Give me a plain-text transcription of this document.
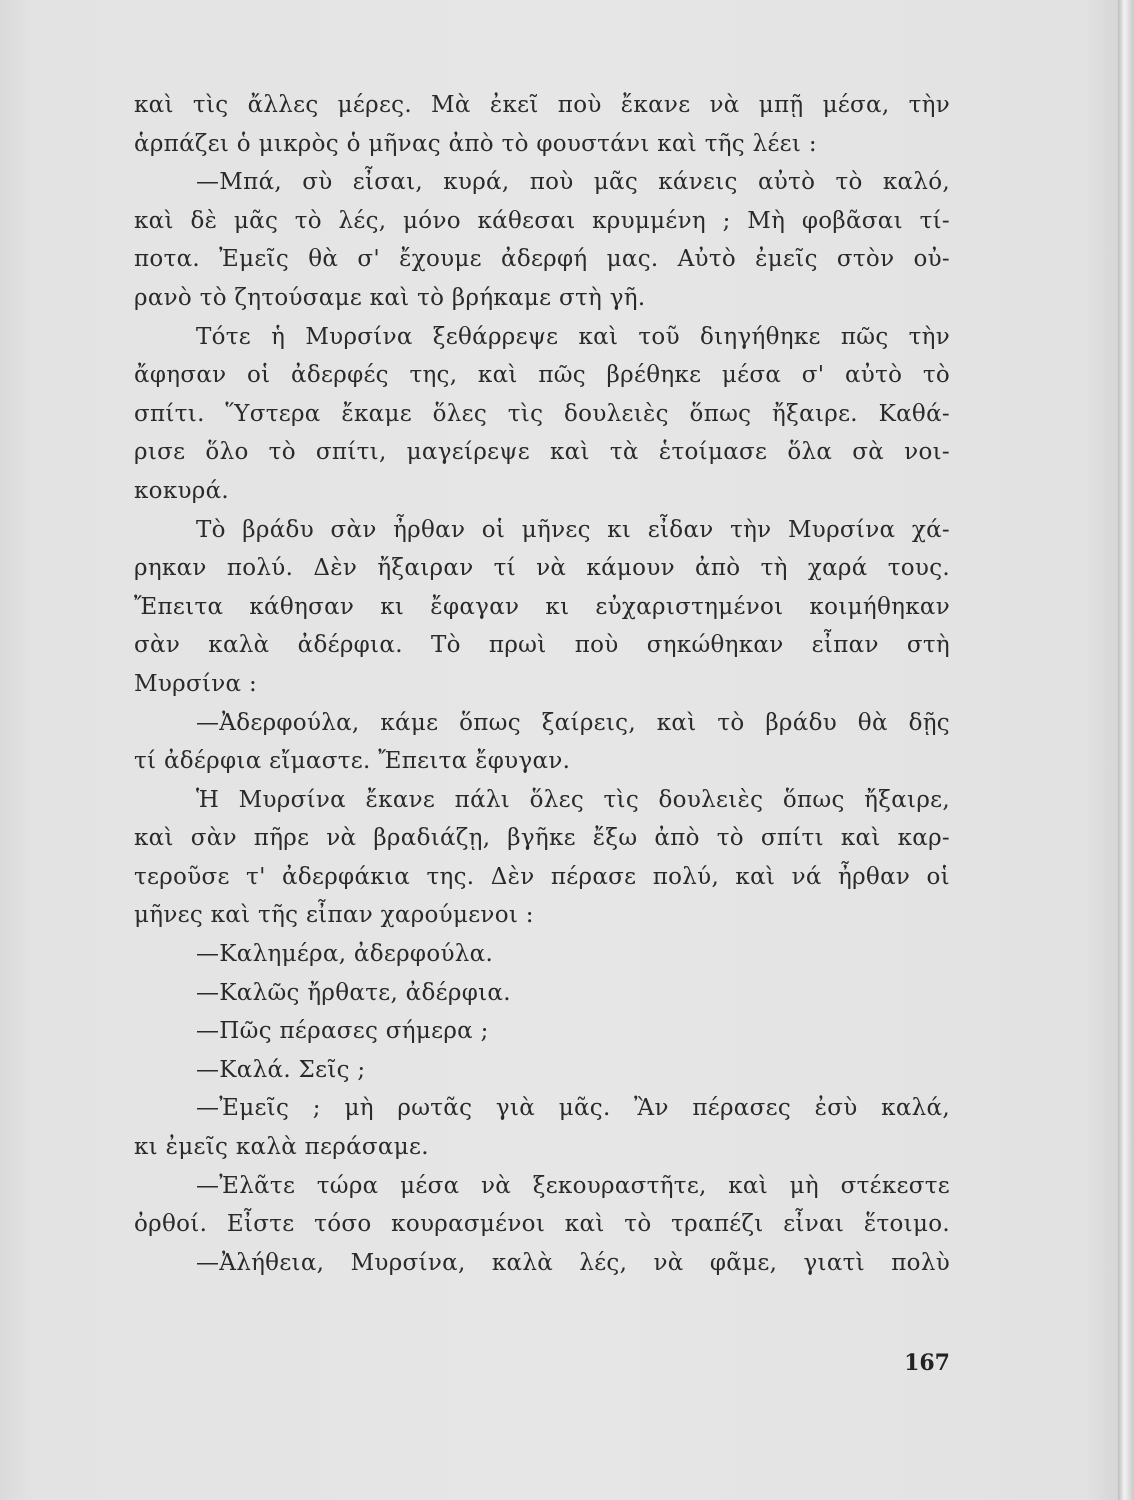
καὶ τὶς ἄλλες μέρες. Μὰ ἐκεῖ ποὺ ἔκανε νὰ μπῇ μέσα, τὴν
ἁρπάζει ὁ μικρὸς ὁ μῆνας ἀπὸ τὸ φουστάνι καὶ τῆς λέει :
—Μπά, σὺ εἶσαι, κυρά, ποὺ μᾶς κάνεις αὐτὸ τὸ καλό,
καὶ δὲ μᾶς τὸ λές, μόνο κάθεσαι κρυμμένη ; Μὴ φοβᾶσαι τί-
ποτα. Ἐμεῖς θὰ σ' ἔχουμε ἀδερφή μας. Αὐτὸ ἐμεῖς στὸν οὐ-
ρανὸ τὸ ζητούσαμε καὶ τὸ βρήκαμε στὴ γῆ.
Τότε ἡ Μυρσίνα ξεθάρρεψε καὶ τοῦ διηγήθηκε πῶς τὴν
ἄφησαν οἱ ἀδερφές της, καὶ πῶς βρέθηκε μέσα σ' αὐτὸ τὸ
σπίτι. Ὕστερα ἔκαμε ὅλες τὶς δουλειὲς ὅπως ἤξαιρε. Καθά-
ρισε ὅλο τὸ σπίτι, μαγείρεψε καὶ τὰ ἑτοίμασε ὅλα σὰ νοι-
κοκυρά.
Τὸ βράδυ σὰν ἦρθαν οἱ μῆνες κι εἶδαν τὴν Μυρσίνα χά-
ρηκαν πολύ. Δὲν ἤξαιραν τί νὰ κάμουν ἀπὸ τὴ χαρά τους.
Ἔπειτα κάθησαν κι ἔφαγαν κι εὐχαριστημένοι κοιμήθηκαν
σὰν καλὰ ἀδέρφια. Τὸ πρωὶ ποὺ σηκώθηκαν εἶπαν στὴ
Μυρσίνα :
—Ἀδερφούλα, κάμε ὅπως ξαίρεις, καὶ τὸ βράδυ θὰ δῇς
τί ἀδέρφια εἴμαστε. Ἔπειτα ἔφυγαν.
Ἡ Μυρσίνα ἔκανε πάλι ὅλες τὶς δουλειὲς ὅπως ἤξαιρε,
καὶ σὰν πῆρε νὰ βραδιάζῃ, βγῆκε ἔξω ἀπὸ τὸ σπίτι καὶ καρ-
τεροῦσε τ' ἀδερφάκια της. Δὲν πέρασε πολύ, καὶ νά ἦρθαν οἱ
μῆνες καὶ τῆς εἶπαν χαρούμενοι :
—Καλημέρα, ἀδερφούλα.
—Καλῶς ἤρθατε, ἀδέρφια.
—Πῶς πέρασες σήμερα ;
—Καλά. Σεῖς ;
—Ἐμεῖς ; μὴ ρωτᾶς γιὰ μᾶς. Ἂν πέρασες ἐσὺ καλά,
κι ἐμεῖς καλὰ περάσαμε.
—Ἐλᾶτε τώρα μέσα νὰ ξεκουραστῆτε, καὶ μὴ στέκεστε
ὀρθοί. Εἶστε τόσο κουρασμένοι καὶ τὸ τραπέζι εἶναι ἕτοιμο.
—Ἀλήθεια, Μυρσίνα, καλὰ λές, νὰ φᾶμε, γιατὶ πολὺ
167
